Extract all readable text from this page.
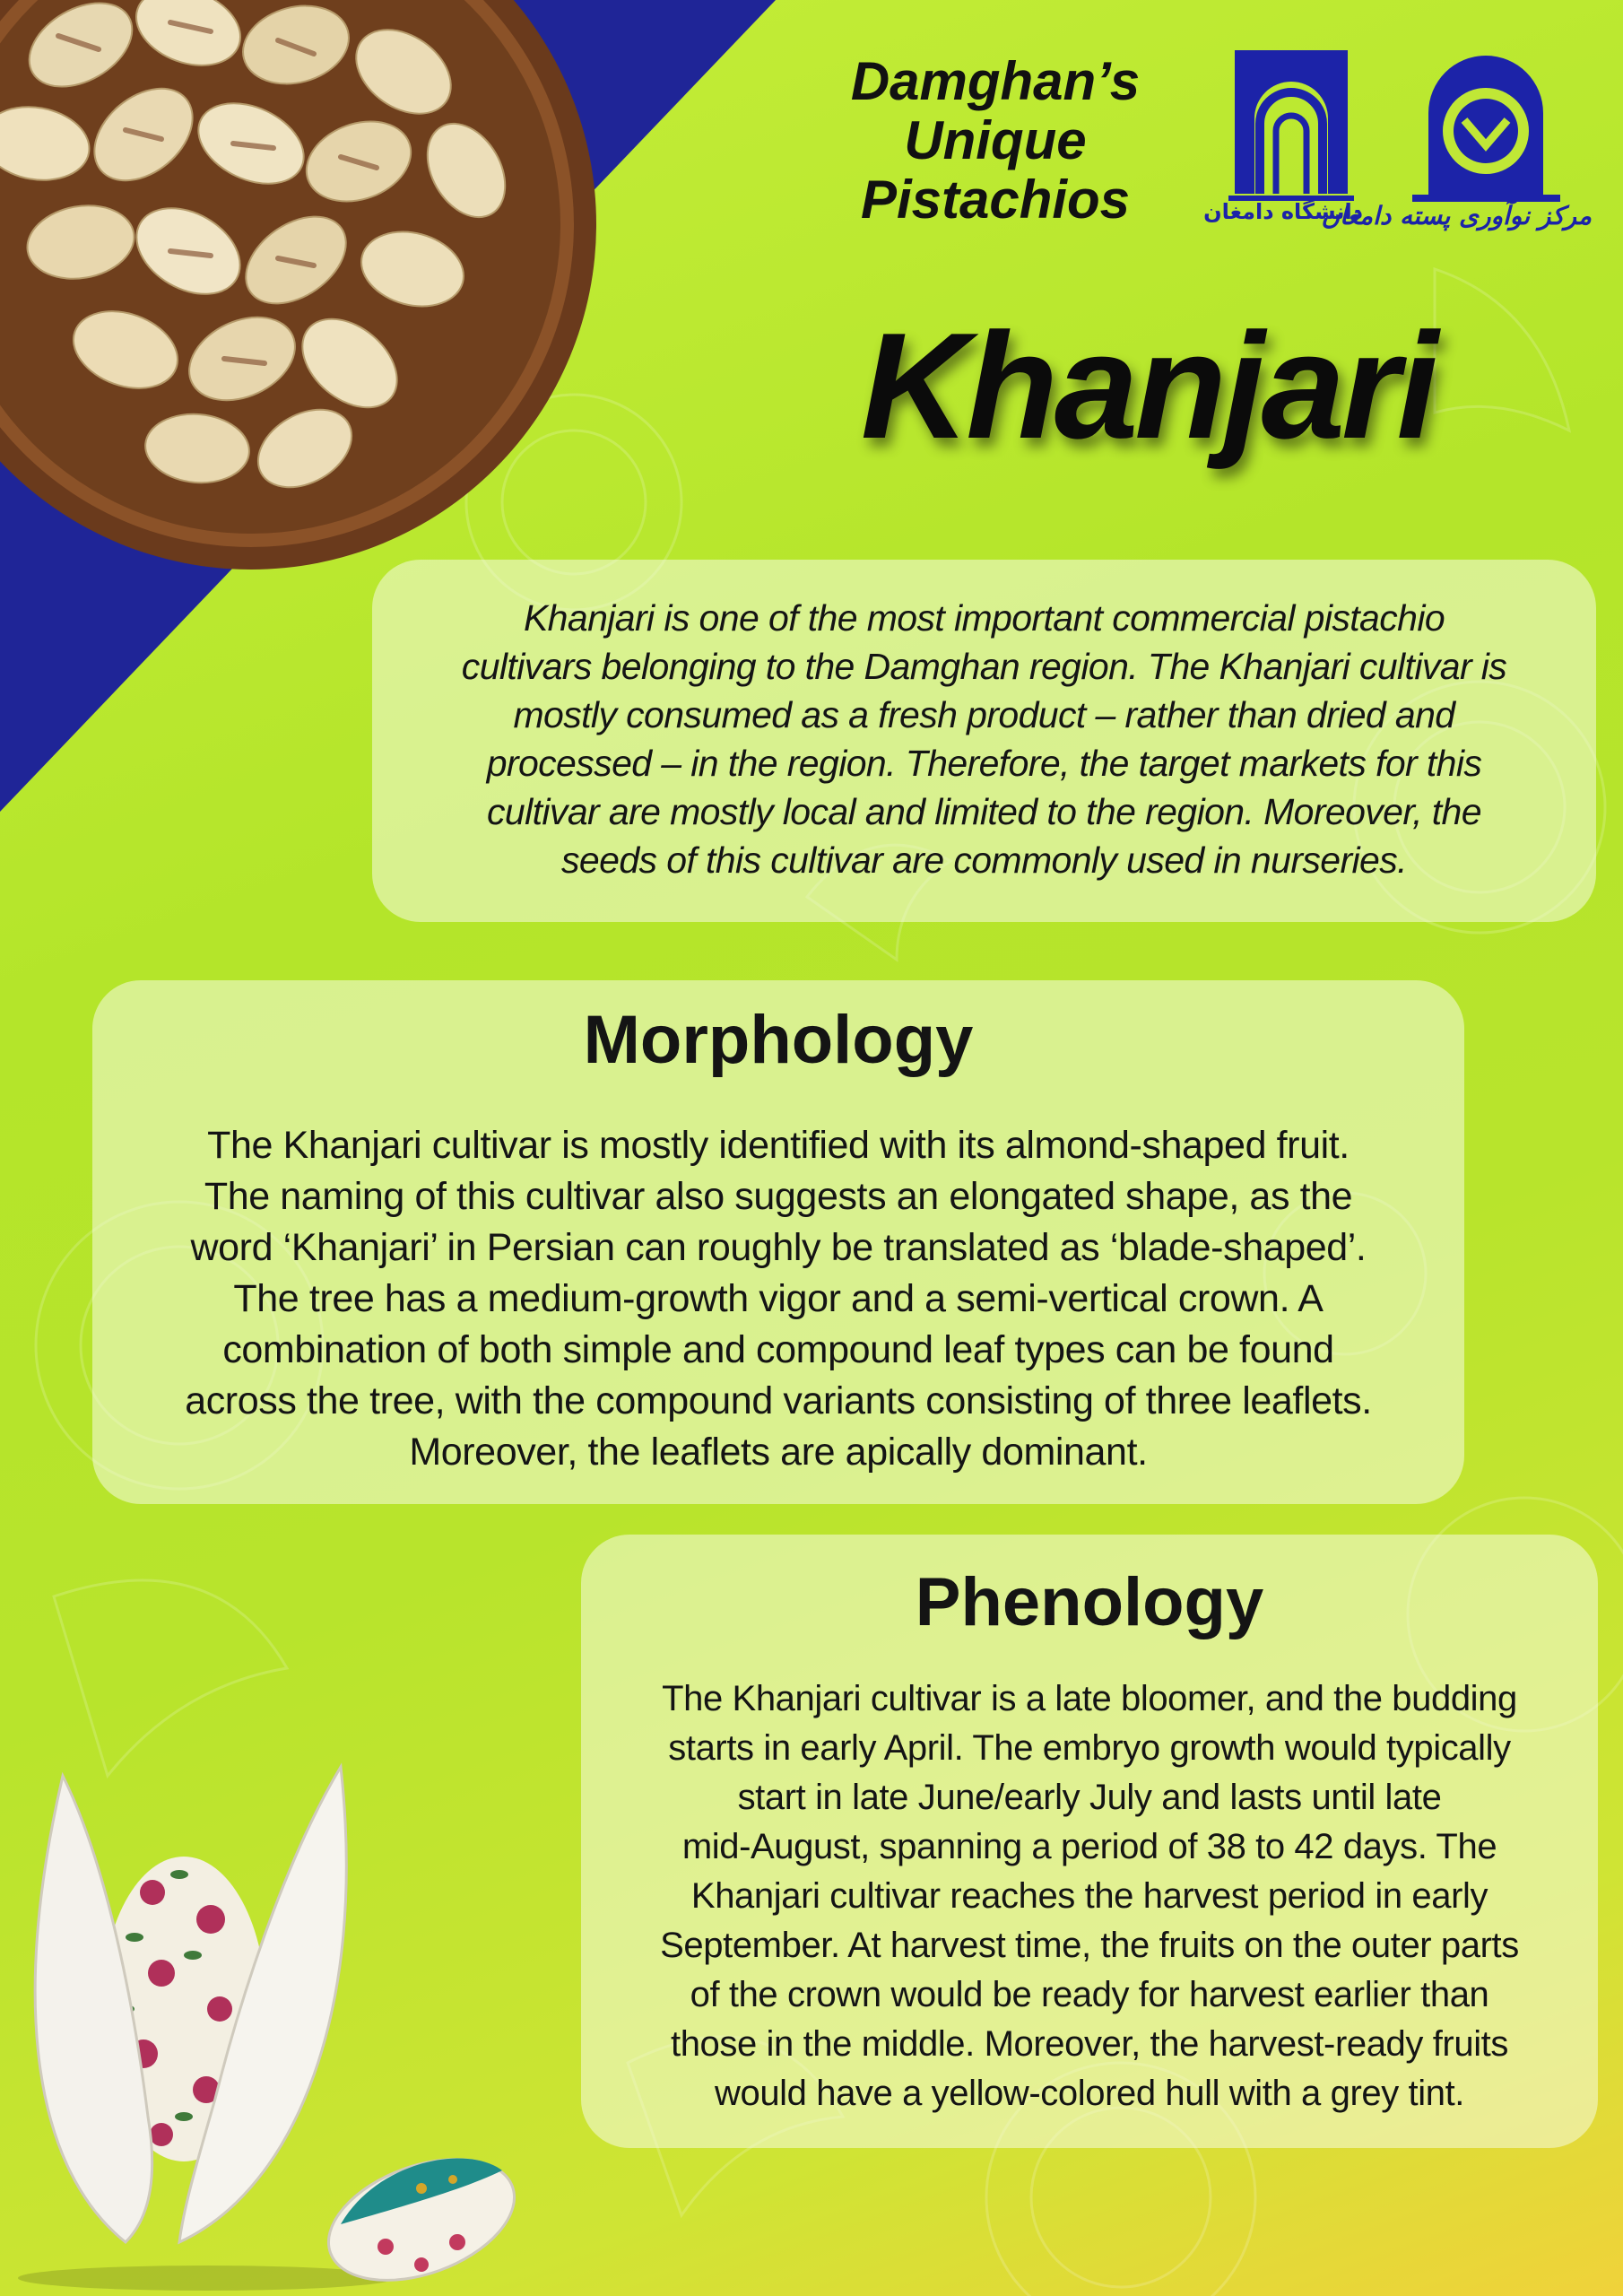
Damghan’s
Unique
Pistachios	دانشگاه دامغان
مرکز نوآوری پسته دامغان
Khanjari
Khanjari is one of the most important commercial pistachio
cultivars belonging to the Damghan region. The Khanjari cultivar is
mostly consumed as a fresh product – rather than dried and
processed – in the region. Therefore, the target markets for this
cultivar are mostly local and limited to the region. Moreover, the
seeds of this cultivar are commonly used in nurseries.
Morphology
The Khanjari cultivar is mostly identified with its almond-shaped fruit.
The naming of this cultivar also suggests an elongated shape, as the
word ‘Khanjari’ in Persian can roughly be translated as ‘blade-shaped’.
The tree has a medium-growth vigor and a semi-vertical crown. A
combination of both simple and compound leaf types can be found
across the tree, with the compound variants consisting of three leaflets.
Moreover, the leaflets are apically dominant.
Phenology
The Khanjari cultivar is a late bloomer, and the budding
starts in early April. The embryo growth would typically
start in late June/early July and lasts until late
mid-August, spanning a period of 38 to 42 days. The
Khanjari cultivar reaches the harvest period in early
September. At harvest time, the fruits on the outer parts
of the crown would be ready for harvest earlier than
those in the middle. Moreover, the harvest-ready fruits
would have a yellow-colored hull with a grey tint.
